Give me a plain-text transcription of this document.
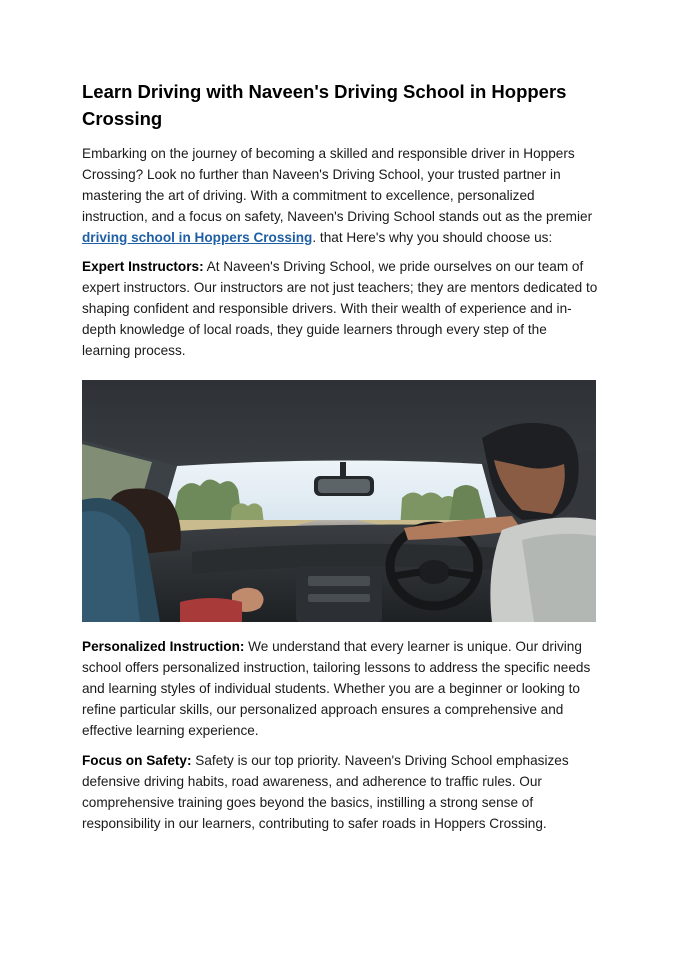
Learn Driving with Naveen's Driving School in Hoppers Crossing

Embarking on the journey of becoming a skilled and responsible driver in Hoppers Crossing? Look no further than Naveen's Driving School, your trusted partner in mastering the art of driving. With a commitment to excellence, personalized instruction, and a focus on safety, Naveen's Driving School stands out as the premier driving school in Hoppers Crossing. that Here's why you should choose us:

Expert Instructors: At Naveen's Driving School, we pride ourselves on our team of expert instructors. Our instructors are not just teachers; they are mentors dedicated to shaping confident and responsible drivers. With their wealth of experience and in-depth knowledge of local roads, they guide learners through every step of the learning process.

Personalized Instruction: We understand that every learner is unique. Our driving school offers personalized instruction, tailoring lessons to address the specific needs and learning styles of individual students. Whether you are a beginner or looking to refine particular skills, our personalized approach ensures a comprehensive and effective learning experience.

Focus on Safety: Safety is our top priority. Naveen's Driving School emphasizes defensive driving habits, road awareness, and adherence to traffic rules. Our comprehensive training goes beyond the basics, instilling a strong sense of responsibility in our learners, contributing to safer roads in Hoppers Crossing.
